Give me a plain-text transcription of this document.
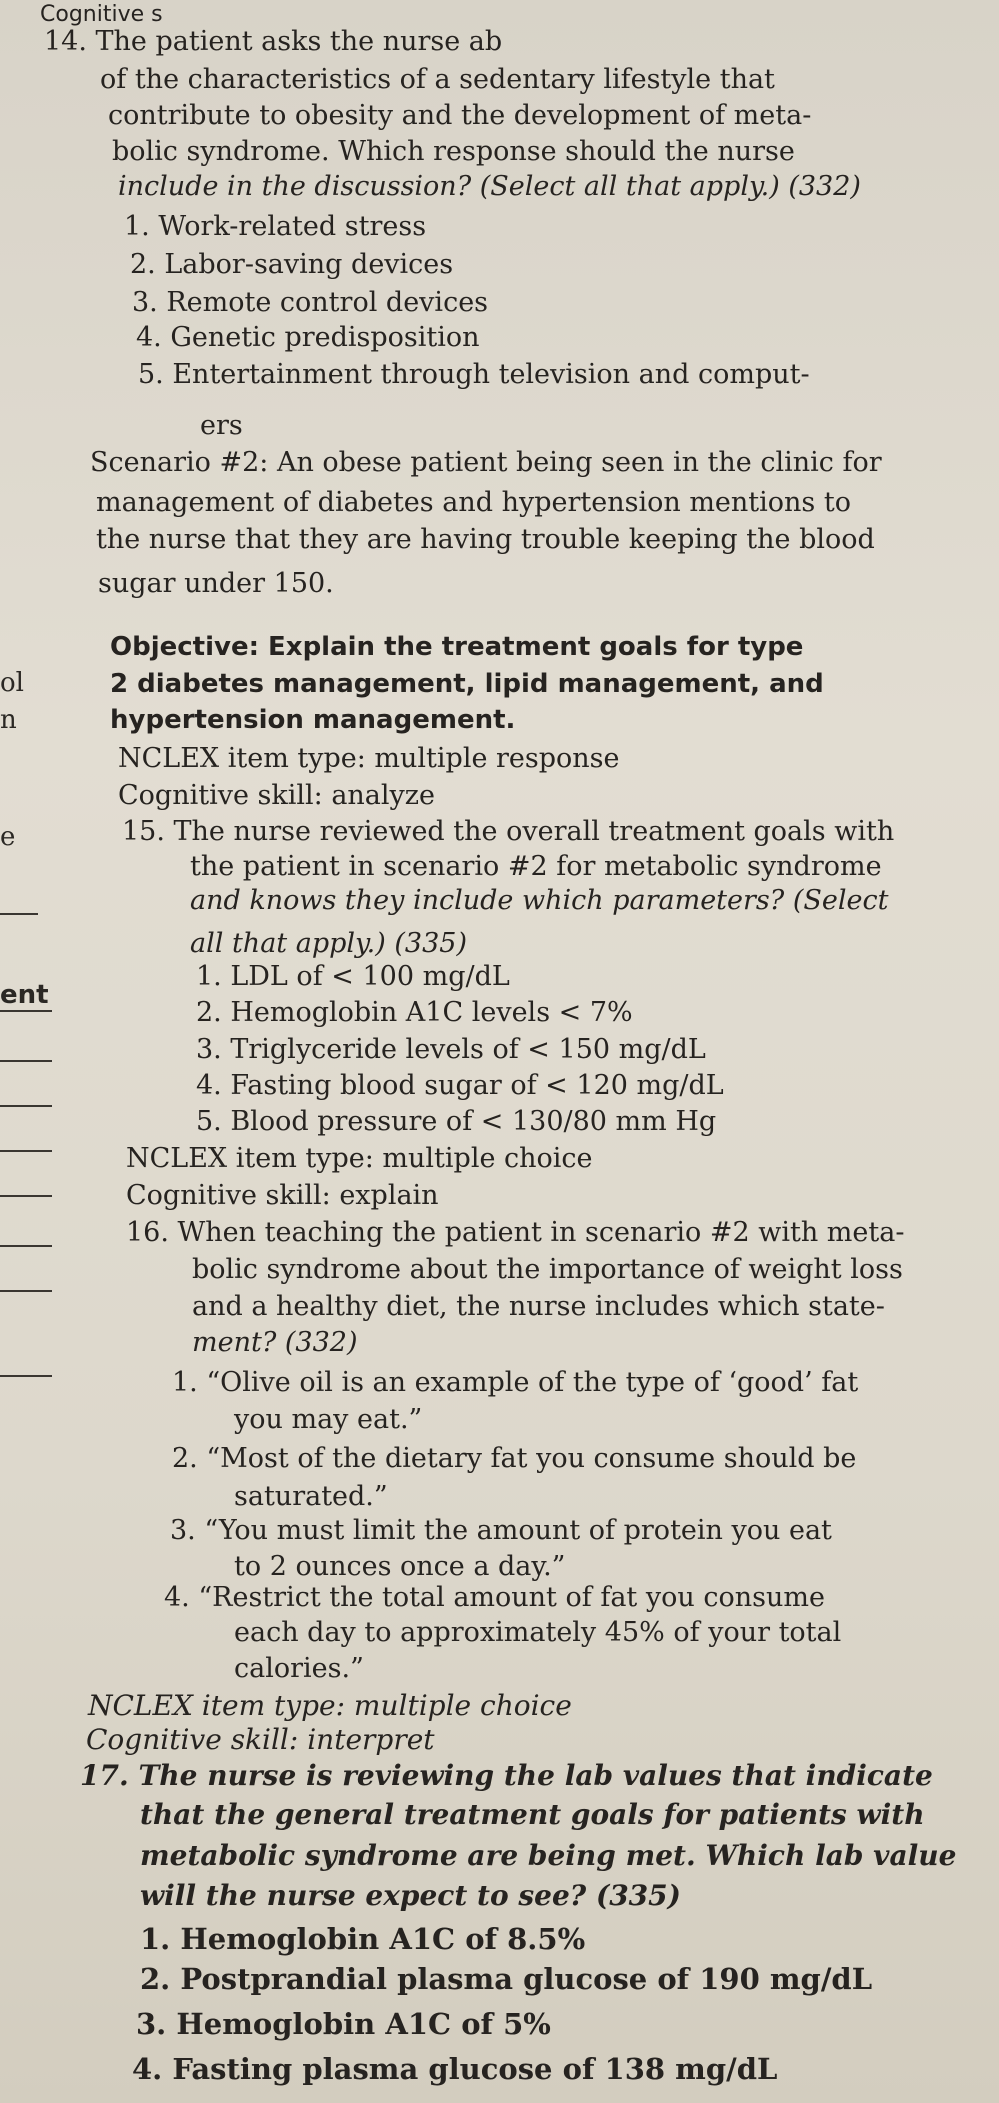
Cognitive s
ol
n
e
ent
14. The patient asks the nurse ab
of the characteristics of a sedentary lifestyle that
contribute to obesity and the development of meta-
bolic syndrome. Which response should the nurse
include in the discussion? (Select all that apply.) (332)
1. Work-related stress
2. Labor-saving devices
3. Remote control devices
4. Genetic predisposition
5. Entertainment through television and comput-
ers
Scenario #2: An obese patient being seen in the clinic for
management of diabetes and hypertension mentions to
the nurse that they are having trouble keeping the blood
sugar under 150.
Objective: Explain the treatment goals for type
2 diabetes management, lipid management, and
hypertension management.
NCLEX item type: multiple response
Cognitive skill: analyze
15. The nurse reviewed the overall treatment goals with
the patient in scenario #2 for metabolic syndrome
and knows they include which parameters? (Select
all that apply.) (335)
1. LDL of < 100 mg/dL
2. Hemoglobin A1C levels < 7%
3. Triglyceride levels of < 150 mg/dL
4. Fasting blood sugar of < 120 mg/dL
5. Blood pressure of < 130/80 mm Hg
NCLEX item type: multiple choice
Cognitive skill: explain
16. When teaching the patient in scenario #2 with meta-
bolic syndrome about the importance of weight loss
and a healthy diet, the nurse includes which state-
ment? (332)
1. “Olive oil is an example of the type of ‘good’ fat
you may eat.”
2. “Most of the dietary fat you consume should be
saturated.”
3. “You must limit the amount of protein you eat
to 2 ounces once a day.”
4. “Restrict the total amount of fat you consume
each day to approximately 45% of your total
calories.”
NCLEX item type: multiple choice
Cognitive skill: interpret
17. The nurse is reviewing the lab values that indicate
that the general treatment goals for patients with
metabolic syndrome are being met. Which lab value
will the nurse expect to see? (335)
1. Hemoglobin A1C of 8.5%
2. Postprandial plasma glucose of 190 mg/dL
3. Hemoglobin A1C of 5%
4. Fasting plasma glucose of 138 mg/dL
